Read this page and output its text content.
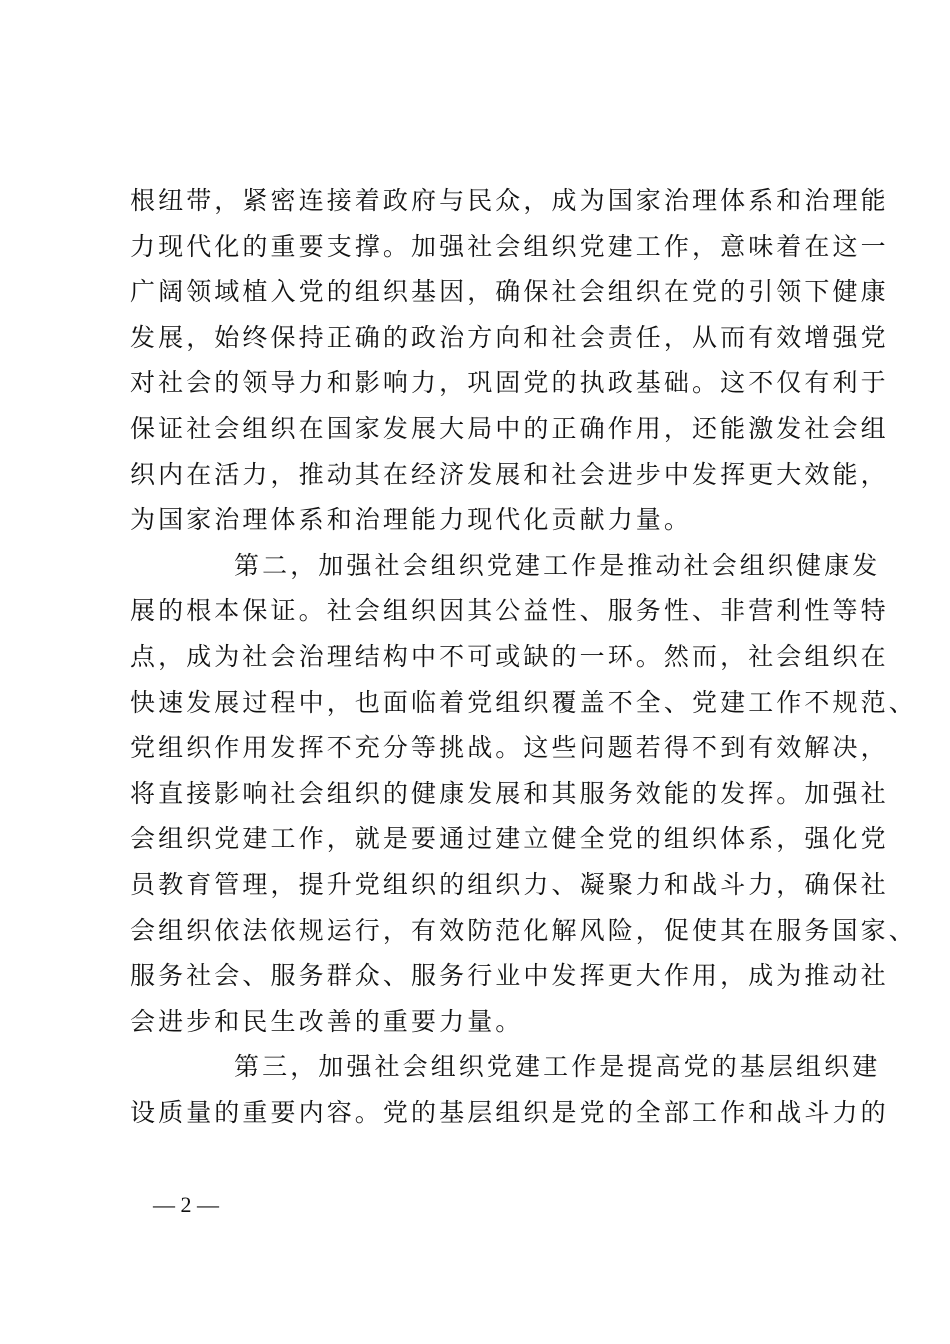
根纽带，紧密连接着政府与民众，成为国家治理体系和治理能
力现代化的重要支撑。加强社会组织党建工作，意味着在这一
广阔领域植入党的组织基因，确保社会组织在党的引领下健康
发展，始终保持正确的政治方向和社会责任，从而有效增强党
对社会的领导力和影响力，巩固党的执政基础。这不仅有利于
保证社会组织在国家发展大局中的正确作用，还能激发社会组
织内在活力，推动其在经济发展和社会进步中发挥更大效能，
为国家治理体系和治理能力现代化贡献力量。
第二，加强社会组织党建工作是推动社会组织健康发
展的根本保证。社会组织因其公益性、服务性、非营利性等特
点，成为社会治理结构中不可或缺的一环。然而，社会组织在
快速发展过程中，也面临着党组织覆盖不全、党建工作不规范、
党组织作用发挥不充分等挑战。这些问题若得不到有效解决，
将直接影响社会组织的健康发展和其服务效能的发挥。加强社
会组织党建工作，就是要通过建立健全党的组织体系，强化党
员教育管理，提升党组织的组织力、凝聚力和战斗力，确保社
会组织依法依规运行，有效防范化解风险，促使其在服务国家、
服务社会、服务群众、服务行业中发挥更大作用，成为推动社
会进步和民生改善的重要力量。
第三，加强社会组织党建工作是提高党的基层组织建
设质量的重要内容。党的基层组织是党的全部工作和战斗力的
— 2 —
